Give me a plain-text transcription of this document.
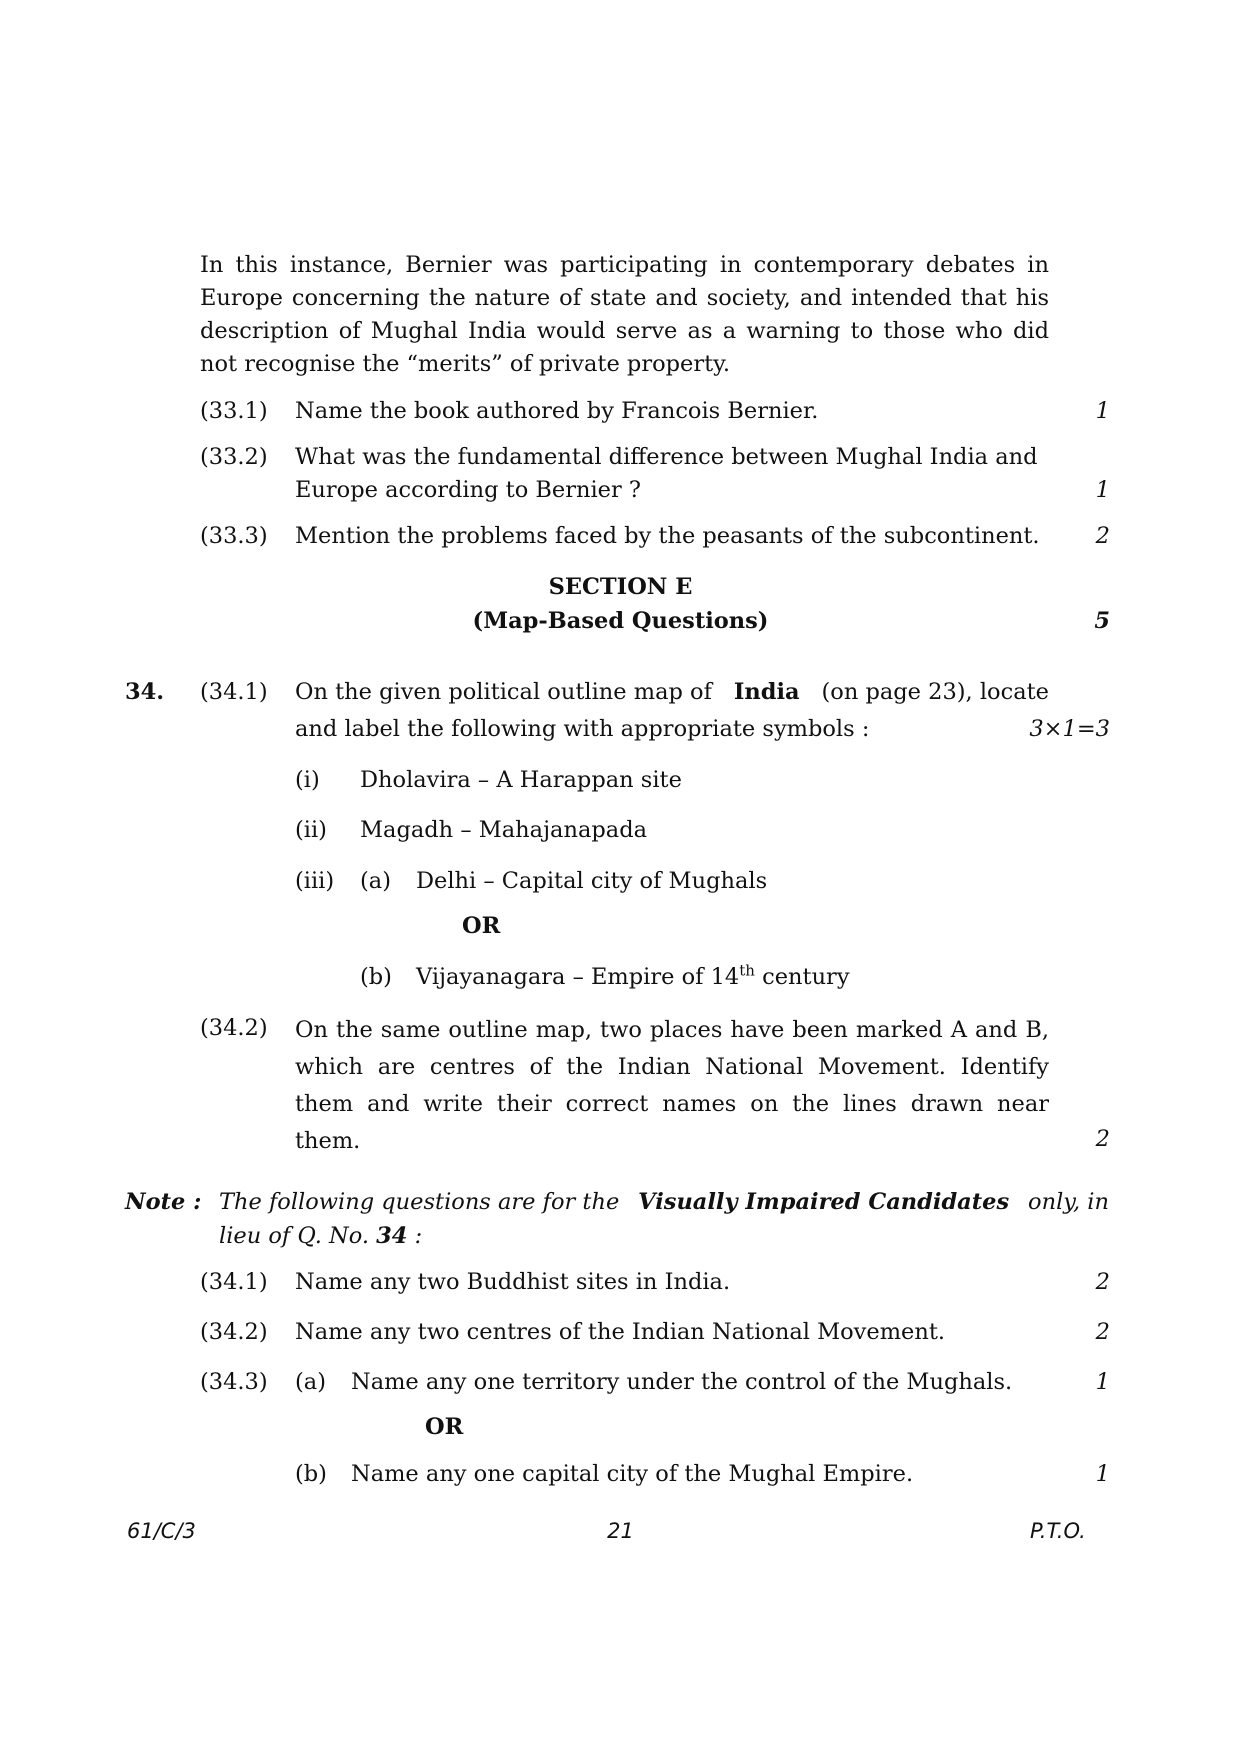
In this instance, Bernier was participating in contemporary debates in
Europe concerning the nature of state and society, and intended that his
description of Mughal India would serve as a warning to those who did
not recognise the “merits” of private property.
(33.1) Name the book authored by Francois Bernier.	1
(33.2) What was the fundamental difference between Mughal India and
Europe according to Bernier ?	1
(33.3) Mention the problems faced by the peasants of the subcontinent.	2
SECTION E
(Map-Based Questions)	5
34. (34.1) On the given political outline map of India (on page 23), locate
and label the following with appropriate symbols :	3×1=3
(i) Dholavira – A Harappan site
(ii) Magadh – Mahajanapada
(iii) (a) Delhi – Capital city of Mughals
OR
(b) Vijayanagara – Empire of 14th century
(34.2) On the same outline map, two places have been marked A and B,
which are centres of the Indian National Movement. Identify
them and write their correct names on the lines drawn near
them.	2
Note : The following questions are for the Visually Impaired Candidates only, in
lieu of Q. No. 34 :
(34.1) Name any two Buddhist sites in India.	2
(34.2) Name any two centres of the Indian National Movement.	2
(34.3) (a) Name any one territory under the control of the Mughals.	1
OR
(b) Name any one capital city of the Mughal Empire.	1
61/C/3	21	P.T.O.
